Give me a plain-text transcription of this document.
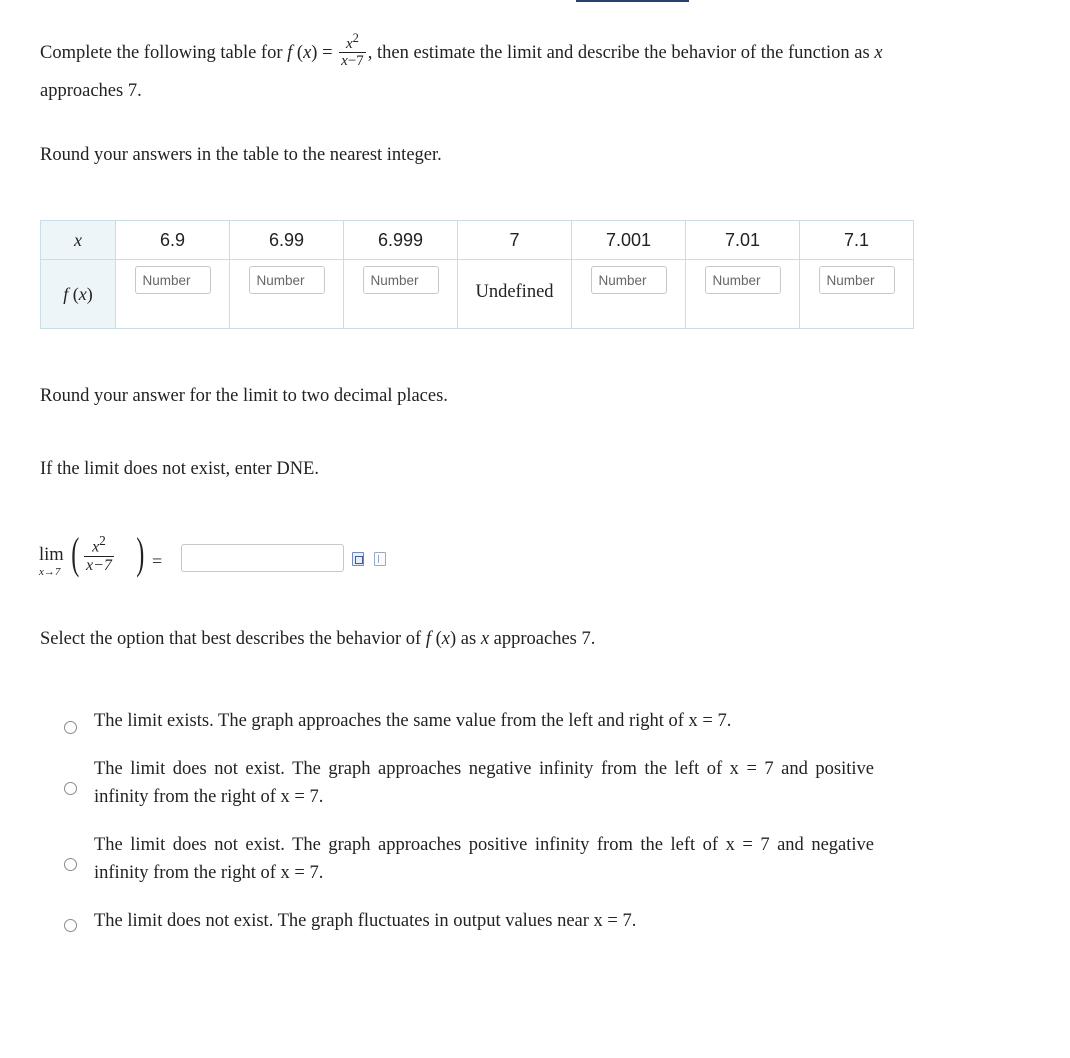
Complete the following table for f $(x) = \frac{x^2}{x-7}$ , then estimate the limit and describe the behavior of the function as x approaches 7.
Round your answers in the table to the nearest integer.
x	6.9	6.99	6.999	7	7.001	7.01	7.1
f (x)	Number	Number	Number	Undefined	Number	Number	Number
Round your answer for the limit to two decimal places.
If the limit does not exist, enter DNE.
lim
x→7 ( $\frac{x^2}{x-7}$ ) =
Select the option that best describes the behavior of f (x) as x approaches 7.
The limit exists. The graph approaches the same value from the left and right of x = 7.
The limit does not exist. The graph approaches negative infinity from the left of x = 7 and positive infinity from the right of x = 7.
The limit does not exist. The graph approaches positive infinity from the left of x = 7 and negative infinity from the right of x = 7.
The limit does not exist. The graph fluctuates in output values near x = 7.
